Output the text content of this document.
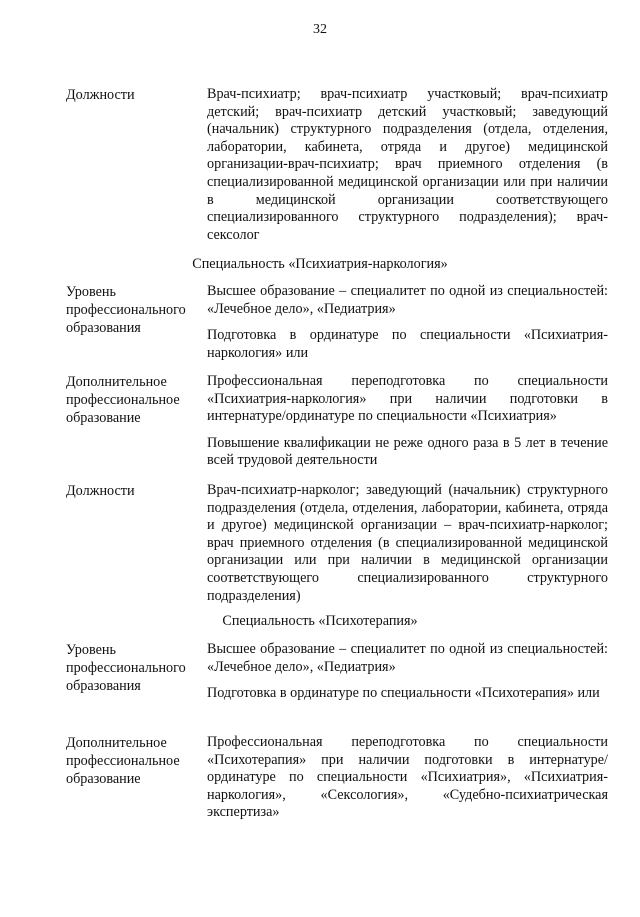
32
Должности	Врач-психиатр; врач-психиатр участковый; врач-психиатр детский; врач-психиатр детский участковый; заведующий (начальник) структурного подразделения (отдела, отделения, лаборатории, кабинета, отряда и другое) медицинской организации-врач-психиатр; врач приемного отделения (в специализированной медицинской организации или при наличии в медицинской организации соответствующего специализированного структурного подразделения); врач-сексолог

Специальность «Психиатрия-наркология»
Уровень профессионального образования

Высшее образование – специалитет по одной из специальностей: «Лечебное дело», «Педиатрия»

Подготовка в ординатуре по специальности «Психиатрия-наркология» или

Дополнительное профессиональное образование

Профессиональная переподготовка по специальности «Психиатрия-наркология» при наличии подготовки в интернатуре/ординатуре по специальности «Психиатрия»

Повышение квалификации не реже одного раза в 5 лет в течение всей трудовой деятельности

Должности	Врач-психиатр-нарколог; заведующий (начальник) структурного подразделения (отдела, отделения, лаборатории, кабинета, отряда и другое) медицинской организации – врач-психиатр-нарколог; врач приемного отделения (в специализированной медицинской организации или при наличии в медицинской организации соответствующего специализированного структурного подразделения)

Специальность «Психотерапия»
Уровень профессионального образования

Высшее образование – специалитет по одной из специальностей: «Лечебное дело», «Педиатрия»

Подготовка в ординатуре по специальности «Психотерапия» или

Дополнительное профессиональное образование

Профессиональная переподготовка по специальности «Психотерапия» при наличии подготовки в интернатуре/ординатуре по специальности «Психиатрия», «Психиатрия-наркология», «Сексология», «Судебно-психиатрическая экспертиза»
